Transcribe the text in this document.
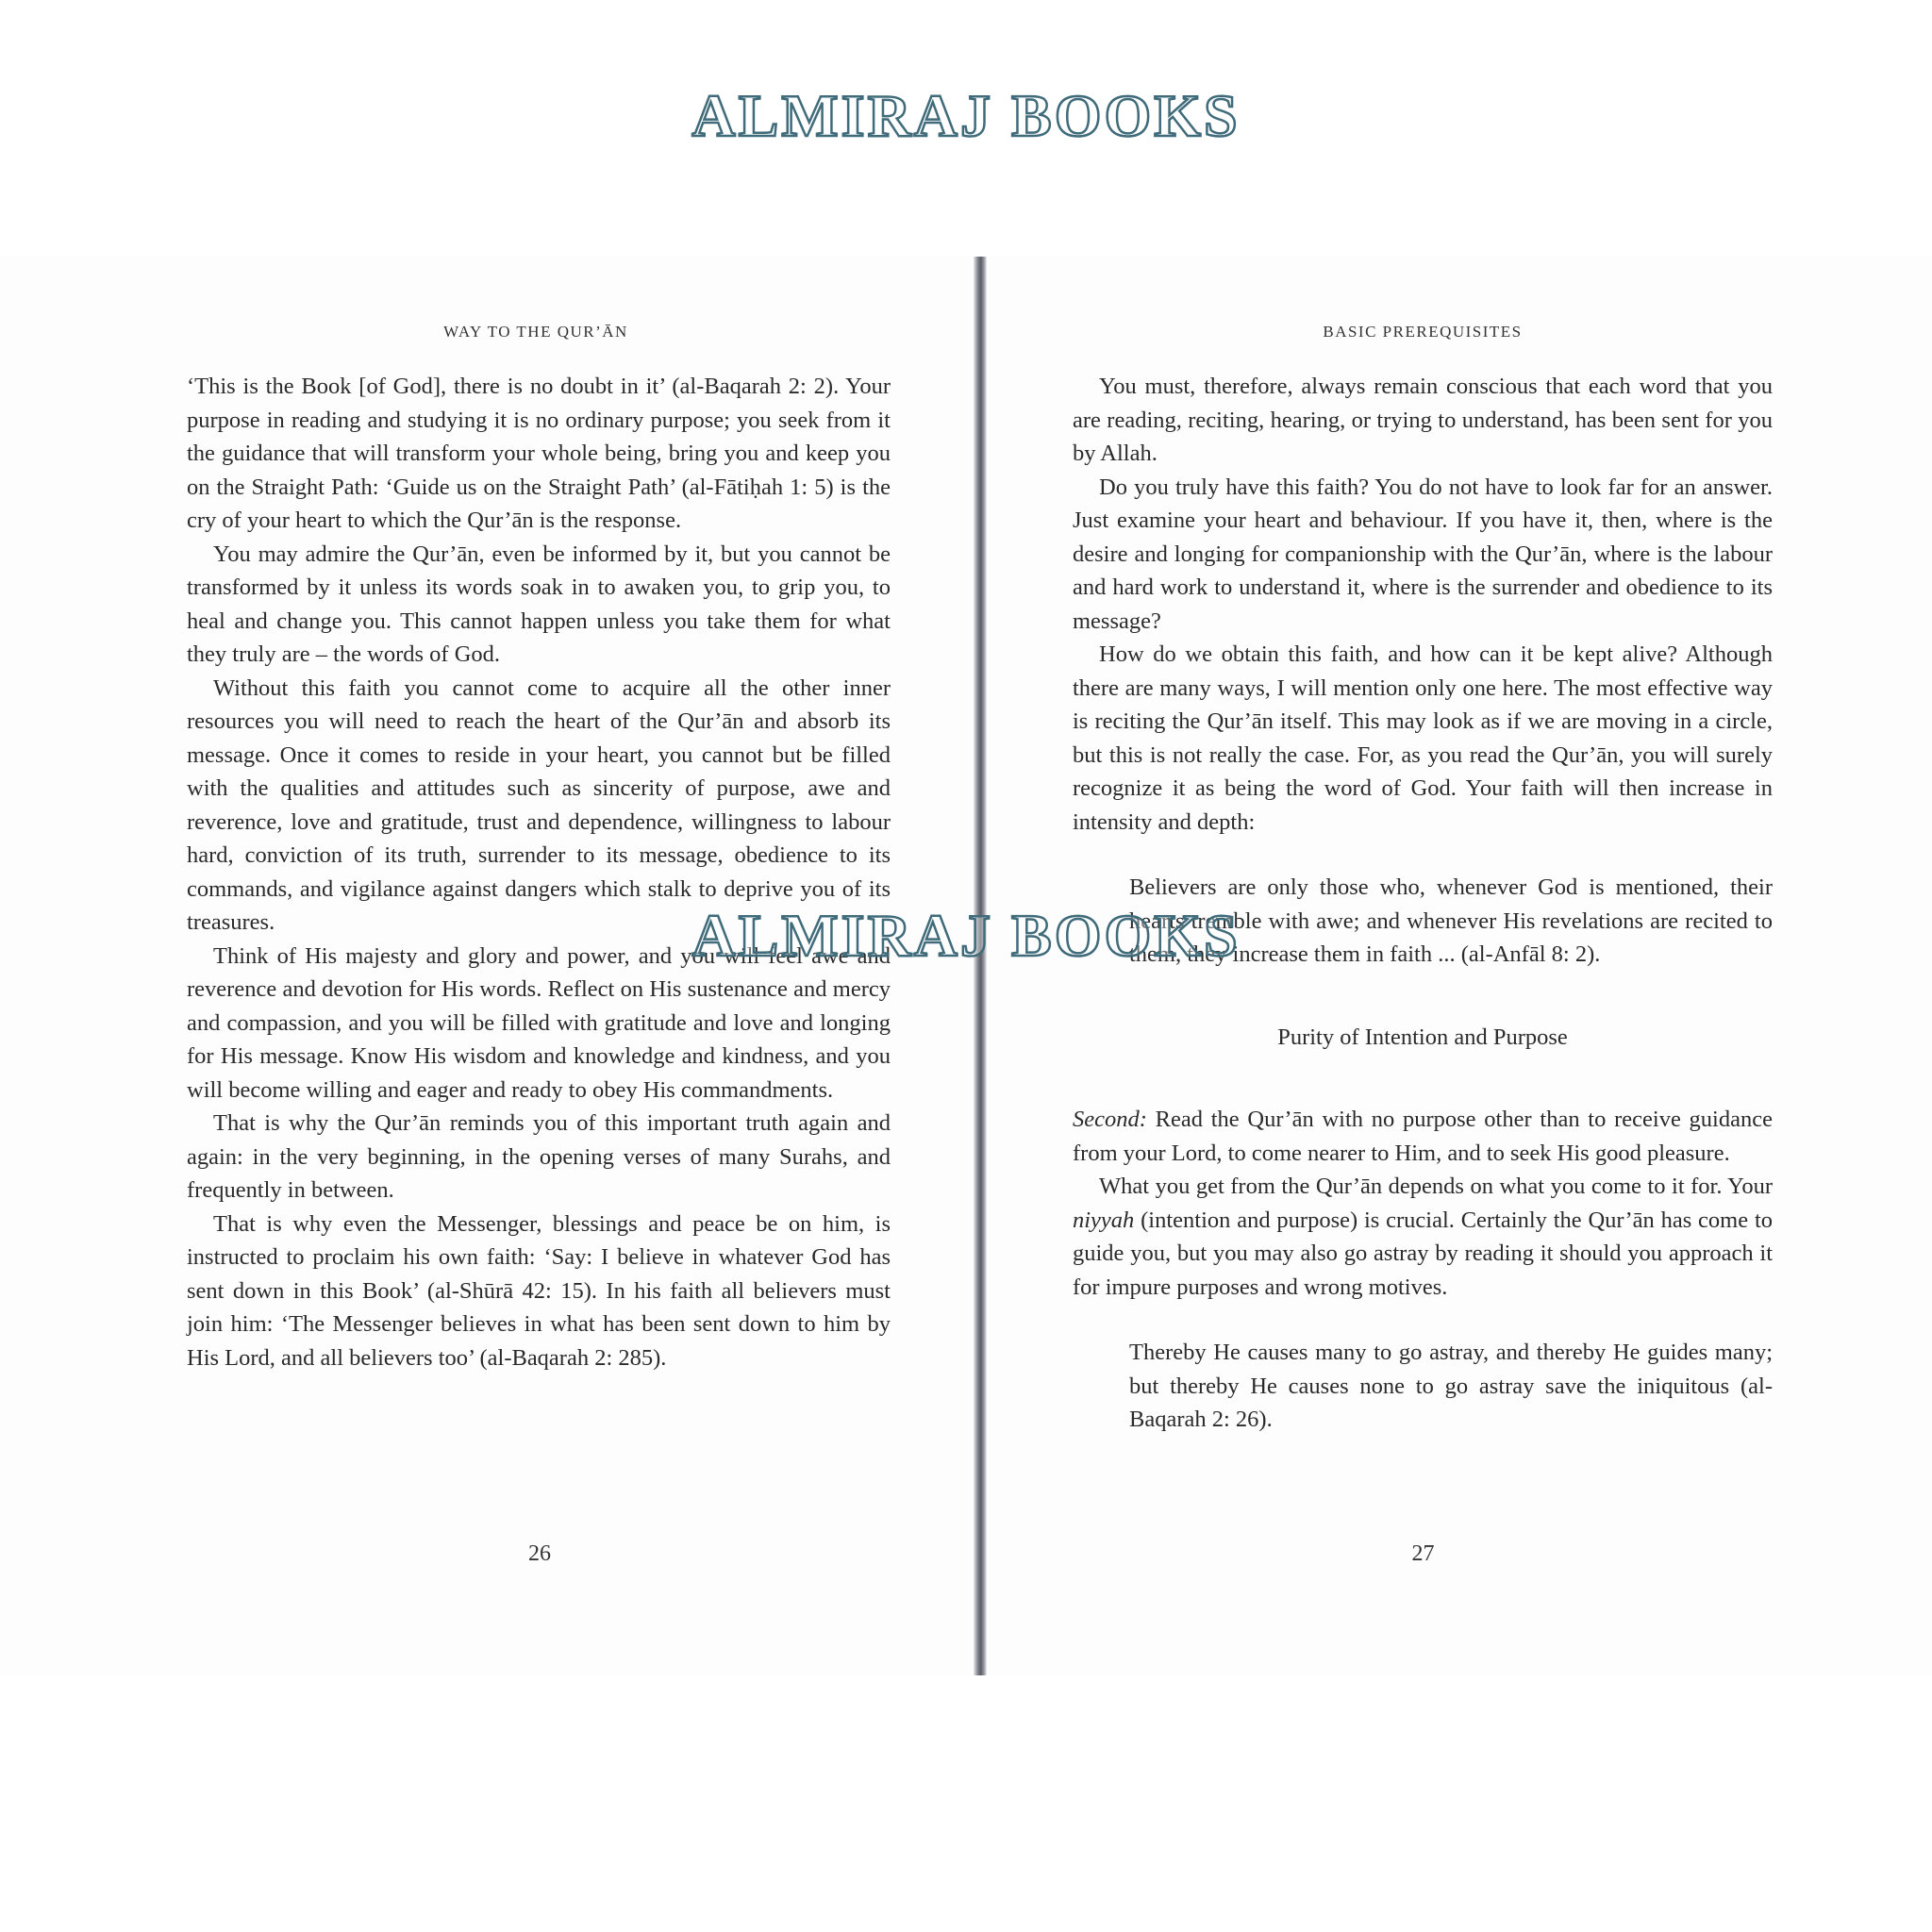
WAY TO THE QUR’ĀN

‘This is the Book [of God], there is no doubt in it’ (al-Baqarah 2: 2). Your purpose in reading and studying it is no ordinary purpose; you seek from it the guidance that will transform your whole being, bring you and keep you on the Straight Path: ‘Guide us on the Straight Path’ (al-Fātiḥah 1: 5) is the cry of your heart to which the Qur’ān is the response.

You may admire the Qur’ān, even be informed by it, but you cannot be transformed by it unless its words soak in to awaken you, to grip you, to heal and change you. This cannot happen unless you take them for what they truly are – the words of God.

Without this faith you cannot come to acquire all the other inner resources you will need to reach the heart of the Qur’ān and absorb its message. Once it comes to reside in your heart, you cannot but be filled with the qualities and attitudes such as sincerity of purpose, awe and reverence, love and gratitude, trust and dependence, willingness to labour hard, conviction of its truth, surrender to its message, obedience to its commands, and vigilance against dangers which stalk to deprive you of its treasures.

Think of His majesty and glory and power, and you will feel awe and reverence and devotion for His words. Reflect on His sustenance and mercy and compassion, and you will be filled with gratitude and love and longing for His message. Know His wisdom and knowledge and kindness, and you will become willing and eager and ready to obey His commandments.

That is why the Qur’ān reminds you of this important truth again and again: in the very beginning, in the opening verses of many Surahs, and frequently in between.

That is why even the Messenger, blessings and peace be on him, is instructed to proclaim his own faith: ‘Say: I believe in whatever God has sent down in this Book’ (al-Shūrā 42: 15). In his faith all believers must join him: ‘The Messenger believes in what has been sent down to him by His Lord, and all believers too’ (al-Baqarah 2: 285).

26
BASIC PREREQUISITES

You must, therefore, always remain conscious that each word that you are reading, reciting, hearing, or trying to understand, has been sent for you by Allah.

Do you truly have this faith? You do not have to look far for an answer. Just examine your heart and behaviour. If you have it, then, where is the desire and longing for companionship with the Qur’ān, where is the labour and hard work to understand it, where is the surrender and obedience to its message?

How do we obtain this faith, and how can it be kept alive? Although there are many ways, I will mention only one here. The most effective way is reciting the Qur’ān itself. This may look as if we are moving in a circle, but this is not really the case. For, as you read the Qur’ān, you will surely recognize it as being the word of God. Your faith will then increase in intensity and depth:

Believers are only those who, whenever God is mentioned, their hearts tremble with awe; and whenever His revelations are recited to them, they increase them in faith ... (al-Anfāl 8: 2).

Purity of Intention and Purpose

Second: Read the Qur’ān with no purpose other than to receive guidance from your Lord, to come nearer to Him, and to seek His good pleasure.

What you get from the Qur’ān depends on what you come to it for. Your niyyah (intention and purpose) is crucial. Certainly the Qur’ān has come to guide you, but you may also go astray by reading it should you approach it for impure purposes and wrong motives.

Thereby He causes many to go astray, and thereby He guides many; but thereby He causes none to go astray save the iniquitous (al-Baqarah 2: 26).

27
ALMIRAJ BOOKS
ALMIRAJ BOOKS
